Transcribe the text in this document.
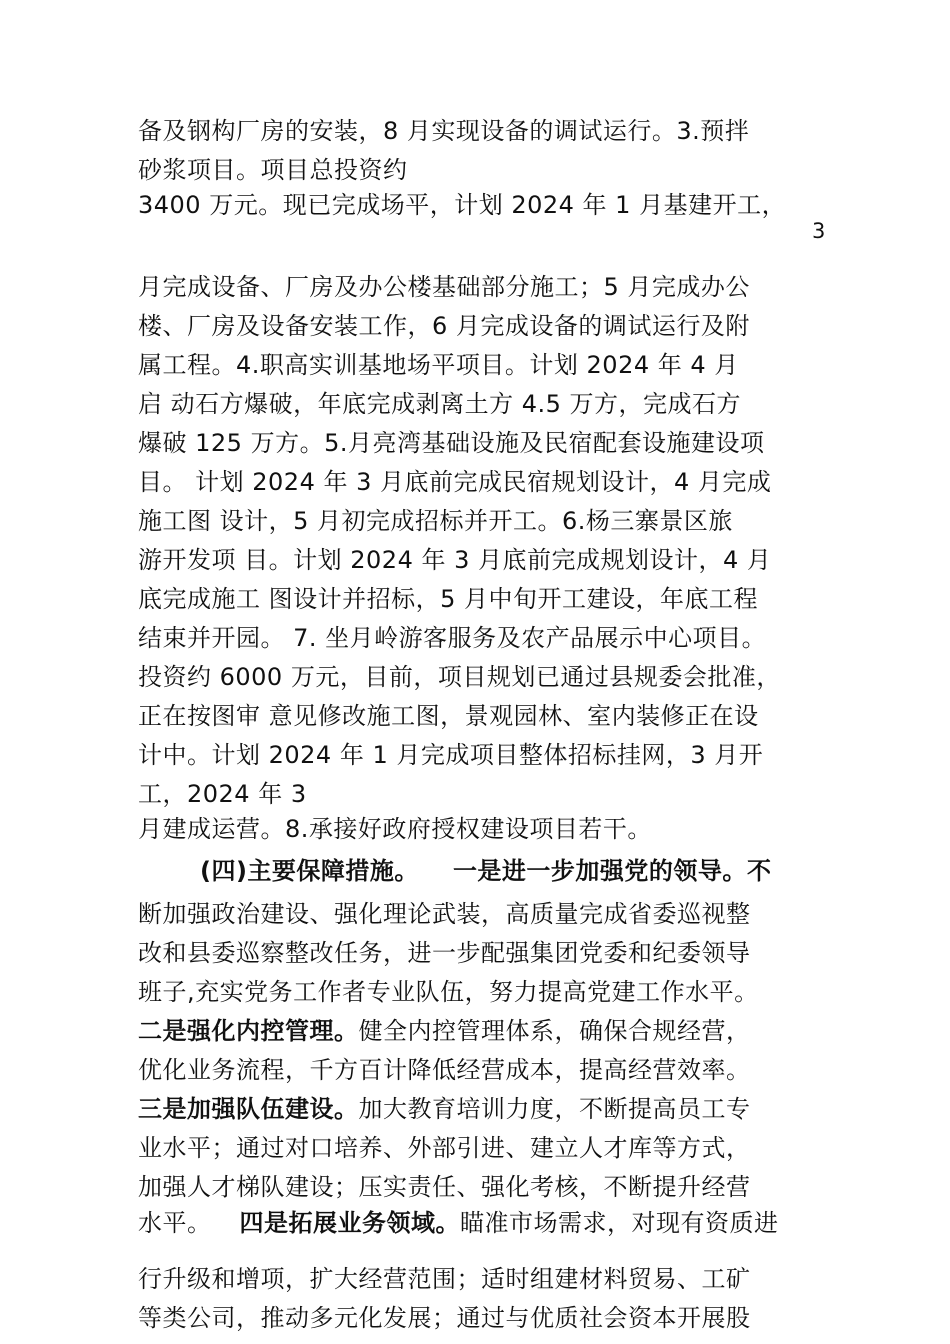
备及钢构厂房的安装，8 月实现设备的调试运行。3.预拌
砂浆项目。项目总投资约
3400 万元。现已完成场平，计划 2024 年 1 月基建开工，
3
月完成设备、厂房及办公楼基础部分施工；5 月完成办公
楼、厂房及设备安装工作，6 月完成设备的调试运行及附
属工程。4.职高实训基地场平项目。计划 2024 年 4 月
启 动石方爆破，年底完成剥离土方 4.5 万方，完成石方
爆破 125 万方。5.月亮湾基础设施及民宿配套设施建设项
目。 计划 2024 年 3 月底前完成民宿规划设计，4 月完成
施工图 设计，5 月初完成招标并开工。6.杨三寨景区旅
游开发项 目。计划 2024 年 3 月底前完成规划设计，4 月
底完成施工 图设计并招标，5 月中旬开工建设，年底工程
结束并开园。 7. 坐月岭游客服务及农产品展示中心项目。
投资约 6000 万元，目前，项目规划已通过县规委会批准，
正在按图审 意见修改施工图，景观园林、室内装修正在设
计中。计划 2024 年 1 月完成项目整体招标挂网，3 月开
工，2024 年 3
月建成运营。8.承接好政府授权建设项目若干。
(四)主要保障措施。 一是进一步加强党的领导。不
断加强政治建设、强化理论武装，高质量完成省委巡视整
改和县委巡察整改任务，进一步配强集团党委和纪委领导
班子,充实党务工作者专业队伍，努力提高党建工作水平。
二是强化内控管理。健全内控管理体系，确保合规经营，
优化业务流程，千方百计降低经营成本，提高经营效率。
三是加强队伍建设。加大教育培训力度，不断提高员工专
业水平；通过对口培养、外部引进、建立人才库等方式，
加强人才梯队建设；压实责任、强化考核，不断提升经营
水平。 四是拓展业务领域。瞄准市场需求，对现有资质进
行升级和增项，扩大经营范围；适时组建材料贸易、工矿
等类公司，推动多元化发展；通过与优质社会资本开展股
